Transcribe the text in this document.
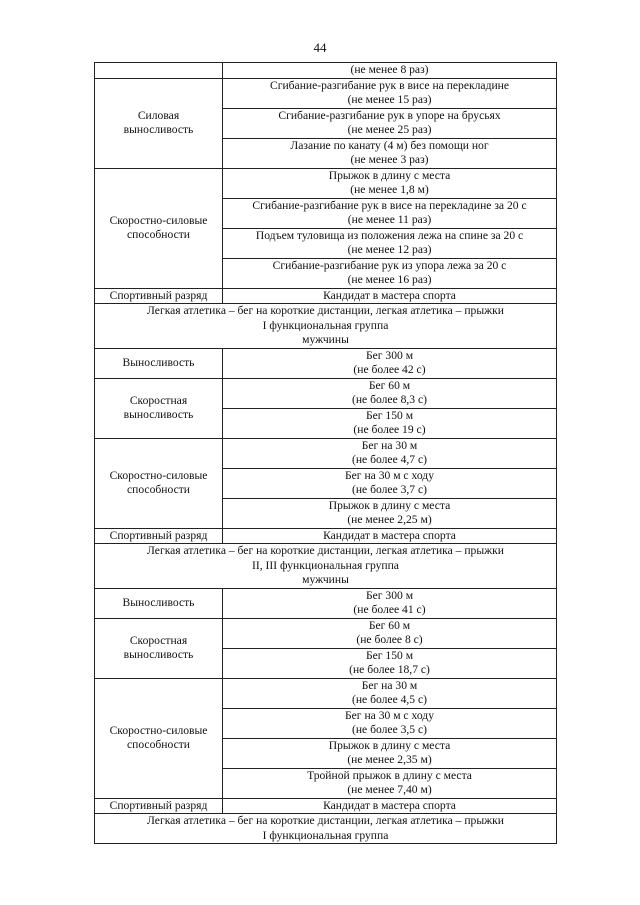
44

	(не менее 8 раз)

Силовая
выносливость	Сгибание-разгибание рук в висе на перекладине
(не менее 15 раз)

	Сгибание-разгибание рук в упоре на брусьях
(не менее 25 раз)

	Лазание по канату (4 м) без помощи ног
(не менее 3 раз)

Скоростно-силовые
способности	Прыжок в длину с места
(не менее 1,8 м)

	Сгибание-разгибание рук в висе на перекладине за 20 с
(не менее 11 раз)

	Подъем туловища из положения лежа на спине за 20 с
(не менее 12 раз)

	Сгибание-разгибание рук из упора лежа за 20 с
(не менее 16 раз)

Спортивный разряд	Кандидат в мастера спорта

Легкая атлетика – бег на короткие дистанции, легкая атлетика – прыжки
I функциональная группа
мужчины	

Выносливость	Бег 300 м
(не более 42 с)

Скоростная
выносливость	Бег 60 м
(не более 8,3 с)

	Бег 150 м
(не более 19 с)

Скоростно-силовые
способности	Бег на 30 м
(не более 4,7 с)

	Бег на 30 м с ходу
(не более 3,7 с)

	Прыжок в длину с места
(не менее 2,25 м)

Спортивный разряд	Кандидат в мастера спорта

Легкая атлетика – бег на короткие дистанции, легкая атлетика – прыжки
II, III функциональная группа
мужчины	

Выносливость	Бег 300 м
(не более 41 с)

Скоростная
выносливость	Бег 60 м
(не более 8 с)

	Бег 150 м
(не более 18,7 с)

Скоростно-силовые
способности	Бег на 30 м
(не более 4,5 с)

	Бег на 30 м с ходу
(не более 3,5 с)

	Прыжок в длину с места
(не менее 2,35 м)

	Тройной прыжок в длину с места
(не менее 7,40 м)

Спортивный разряд	Кандидат в мастера спорта

Легкая атлетика – бег на короткие дистанции, легкая атлетика – прыжки
I функциональная группа	
